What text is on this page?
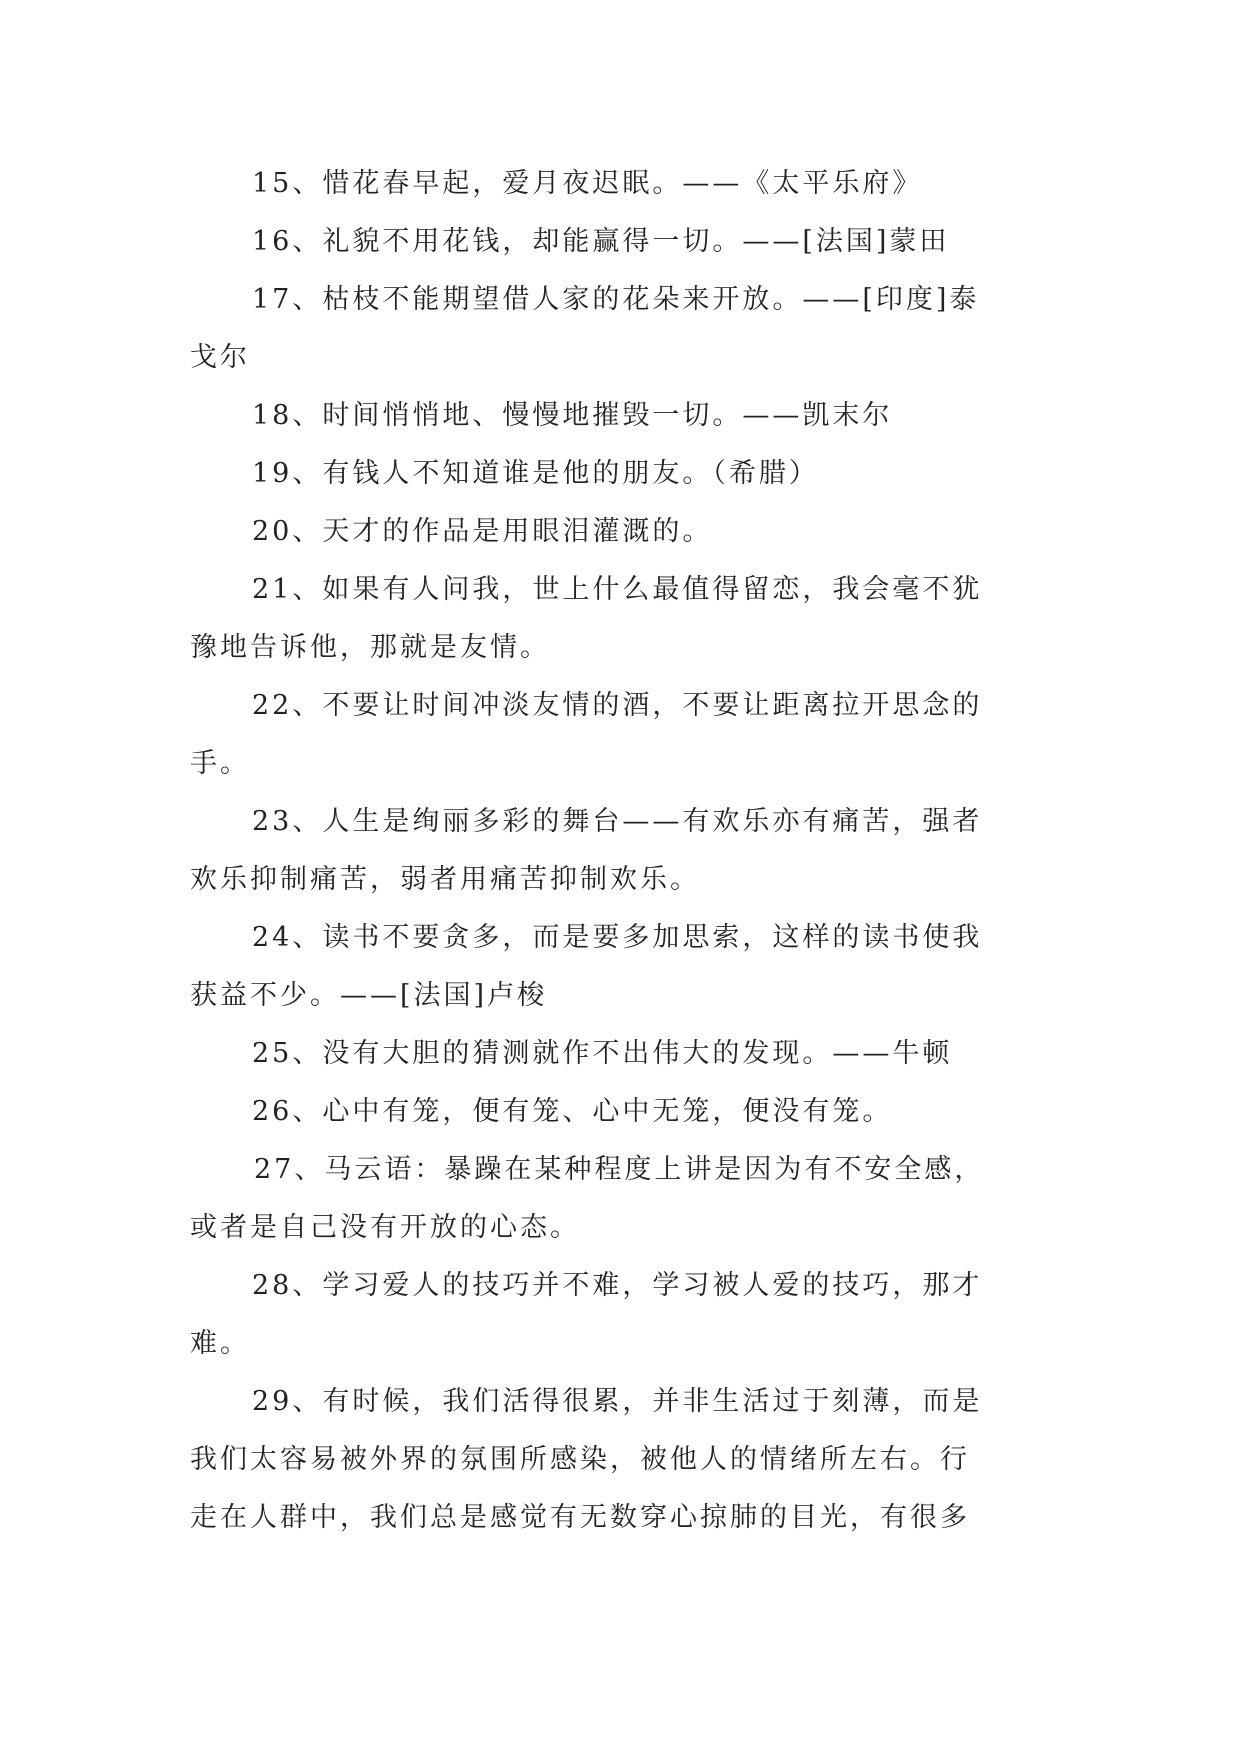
15、惜花春早起，爱月夜迟眠。——《太平乐府》

16、礼貌不用花钱，却能赢得一切。——[法国]蒙田

17、枯枝不能期望借人家的花朵来开放。——[印度]泰
戈尔

18、时间悄悄地、慢慢地摧毁一切。——凯末尔

19、有钱人不知道谁是他的朋友。（希腊）

20、天才的作品是用眼泪灌溉的。

21、如果有人问我，世上什么最值得留恋，我会毫不犹
豫地告诉他，那就是友情。

22、不要让时间冲淡友情的酒，不要让距离拉开思念的
手。

23、人生是绚丽多彩的舞台——有欢乐亦有痛苦，强者
欢乐抑制痛苦，弱者用痛苦抑制欢乐。

24、读书不要贪多，而是要多加思索，这样的读书使我
获益不少。——[法国]卢梭

25、没有大胆的猜测就作不出伟大的发现。——牛顿

26、心中有笼，便有笼、心中无笼，便没有笼。

27、马云语：暴躁在某种程度上讲是因为有不安全感，
或者是自己没有开放的心态。

28、学习爱人的技巧并不难，学习被人爱的技巧，那才
难。

29、有时候，我们活得很累，并非生活过于刻薄，而是
我们太容易被外界的氛围所感染，被他人的情绪所左右。行
走在人群中，我们总是感觉有无数穿心掠肺的目光，有很多
